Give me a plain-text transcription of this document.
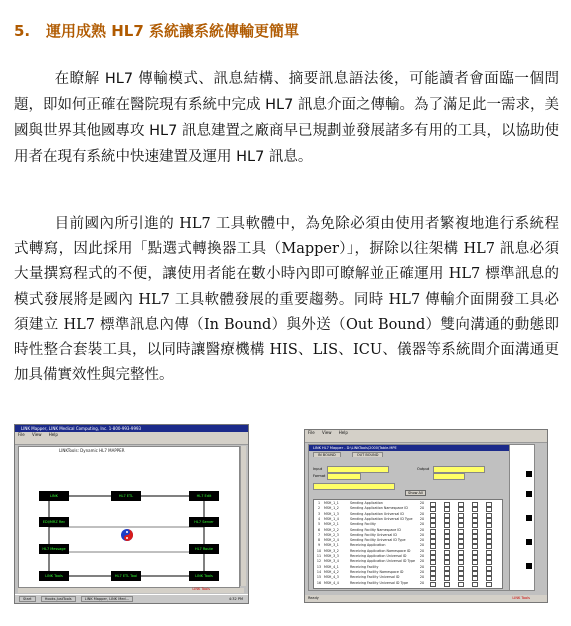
5. 運用成熟 HL7 系統讓系統傳輸更簡單

在瞭解 HL7 傳輸模式、訊息結構、摘要訊息語法後，可能讀者會面臨一個問題，即如何正確在醫院現有系統中完成 HL7 訊息介面之傳輸。為了滿足此一需求，美國與世界其他國專攻 HL7 訊息建置之廠商早已規劃並發展諸多有用的工具，以協助使用者在現有系統中快速建置及運用 HL7 訊息。

目前國內所引進的 HL7 工具軟體中，為免除必須由使用者繁複地進行系統程式轉寫，因此採用「點選式轉換器工具（Mapper）」，摒除以往架構 HL7 訊息必須大量撰寫程式的不便，讓使用者能在數小時內即可瞭解並正確運用 HL7 標準訊息的模式發展將是國內 HL7 工具軟體發展的重要趨勢。同時 HL7 傳輸介面開發工具必須建立 HL7 標準訊息內傳（In Bound）與外送（Out Bound）雙向溝通的動態即時性整合套裝工具，以同時讓醫療機構 HIS、LIS、ICU、儀器等系統間介面溝通更加具備實效性與完整性。

LINK Mapper, LINK Medical Computing, Inc. 1-800-993-9993
File View Help
LINKTools: Dynamic HL7 MAPPER
LINK	HL7 ETL	HL7 Edit
EDI/MRZ Rec	HL7 Server
HL7 Message	HL7 Route
LINK Tools	HL7 ETL Tool	LINK Tools
LINK Tools
Start	Hooks.JustTools	LINK Mapper, LINK Med...	4:32 PM
File View Help
LINK HL7 Mapper - D:\LINKTools\2000\Table.MPE
IN BOUND	OUT BOUND
Input
Format
Output
Show All
1	MSH_1_1	Sending Application	20
2	MSH_1_2	Sending Application Namespace ID	20
3	MSH_1_3	Sending Application Universal ID	20
4	MSH_1_4	Sending Application Universal ID Type	20
5	MSH_2_1	Sending Facility	20
6	MSH_2_2	Sending Facility Namespace ID	20
7	MSH_2_3	Sending Facility Universal ID	20
8	MSH_2_4	Sending Facility Universal ID Type	20
9	MSH_3_1	Receiving Application	20
10 MSH_3_2	Receiving Application Namespace ID	20
11 MSH_3_3	Receiving Application Universal ID	20
12 MSH_3_4	Receiving Application Universal ID Type	20
13 MSH_4_1	Receiving Facility	20
14 MSH_4_2	Receiving Facility Namespace ID	20
15 MSH_4_3	Receiving Facility Universal ID	20
16 MSH_4_4	Receiving Facility Universal ID Type	20
Ready	LINK Tools
